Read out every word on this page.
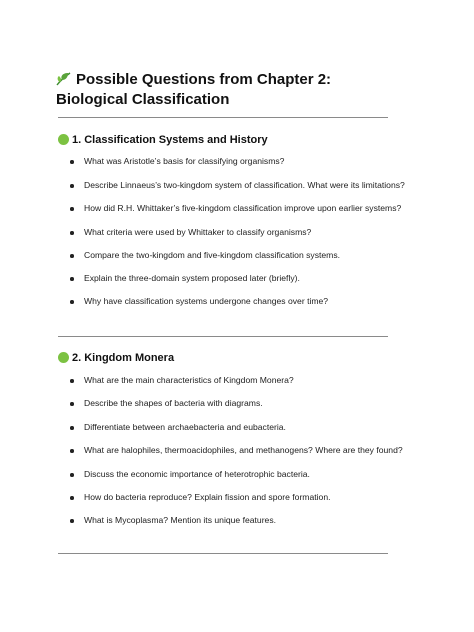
Possible Questions from Chapter 2: Biological Classification
1. Classification Systems and History
What was Aristotle’s basis for classifying organisms?
Describe Linnaeus’s two-kingdom system of classification. What were its limitations?
How did R.H. Whittaker’s five-kingdom classification improve upon earlier systems?
What criteria were used by Whittaker to classify organisms?
Compare the two-kingdom and five-kingdom classification systems.
Explain the three-domain system proposed later (briefly).
Why have classification systems undergone changes over time?
2. Kingdom Monera
What are the main characteristics of Kingdom Monera?
Describe the shapes of bacteria with diagrams.
Differentiate between archaebacteria and eubacteria.
What are halophiles, thermoacidophiles, and methanogens? Where are they found?
Discuss the economic importance of heterotrophic bacteria.
How do bacteria reproduce? Explain fission and spore formation.
What is Mycoplasma? Mention its unique features.
